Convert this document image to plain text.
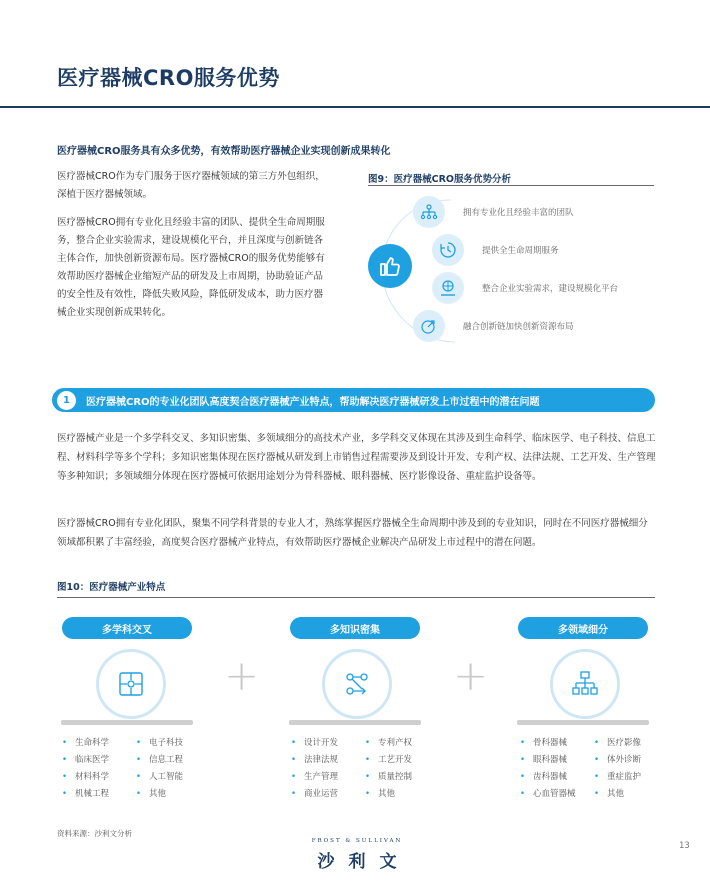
医疗器械CRO服务优势
医疗器械CRO服务具有众多优势，有效帮助医疗器械企业实现创新成果转化

医疗器械CRO作为专门服务于医疗器械领域的第三方外包组织，深植于医疗器械领域。

医疗器械CRO拥有专业化且经验丰富的团队、提供全生命周期服务，整合企业实验需求，建设规模化平台，并且深度与创新链各主体合作，加快创新资源布局。医疗器械CRO的服务优势能够有效帮助医疗器械企业缩短产品的研发及上市周期，协助验证产品的安全性及有效性，降低失败风险，降低研发成本，助力医疗器械企业实现创新成果转化。

图9：医疗器械CRO服务优势分析
拥有专业化且经验丰富的团队
提供全生命周期服务
整合企业实验需求，建设规模化平台
融合创新链加快创新资源布局
1	医疗器械CRO的专业化团队高度契合医疗器械产业特点，帮助解决医疗器械研发上市过程中的潜在问题
医疗器械产业是一个多学科交叉、多知识密集、多领域细分的高技术产业，多学科交叉体现在其涉及到生命科学、临床医学、电子科技、信息工程、材料科学等多个学科；多知识密集体现在医疗器械从研发到上市销售过程需要涉及到设计开发、专利产权、法律法规、工艺开发、生产管理等多种知识；多领域细分体现在医疗器械可依据用途划分为骨科器械、眼科器械、医疗影像设备、重症监护设备等。
医疗器械CRO拥有专业化团队，聚集不同学科背景的专业人才，熟练掌握医疗器械全生命周期中涉及到的专业知识，同时在不同医疗器械细分领域都积累了丰富经验，高度契合医疗器械产业特点，有效帮助医疗器械企业解决产品研发上市过程中的潜在问题。
图10：医疗器械产业特点
多学科交叉
• 生命科学	• 电子科技
• 临床医学	• 信息工程
• 材料科学	• 人工智能
• 机械工程	• 其他
+
多知识密集
• 设计开发	• 专利产权
• 法律法规	• 工艺开发
• 生产管理	• 质量控制
• 商业运营	• 其他
+
多领域细分
• 骨科器械	• 医疗影像
• 眼科器械	• 体外诊断
• 齿科器械	• 重症监护
• 心血管器械	• 其他
资料来源：沙利文分析
FROST & SULLIVAN
沙利文
13
